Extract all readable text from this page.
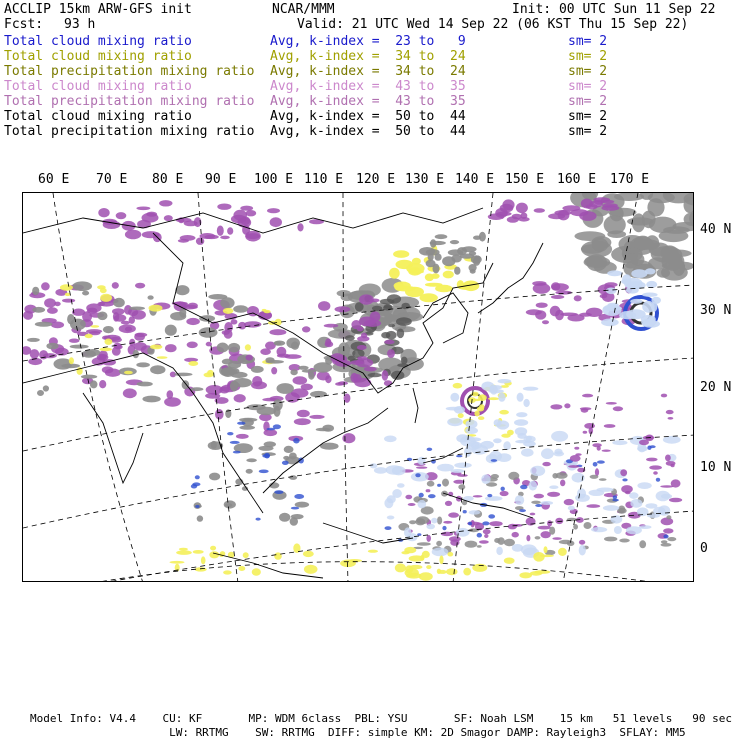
ACCLIP 15km ARW-GFS init	NCAR/MMM	Init: 00 UTC Sun 11 Sep 22
Fcst: 93 h	Valid: 21 UTC Wed 14 Sep 22 (06 KST Thu 15 Sep 22)
Total cloud mixing ratio	Avg, k-index =  23 to   9	sm= 2
Total cloud mixing ratio	Avg, k-index =  34 to  24	sm= 2
Total precipitation mixing ratio Avg, k-index =  34 to  24	sm= 2
Total cloud mixing ratio	Avg, k-index =  43 to  35	sm= 2
Total precipitation mixing ratio Avg, k-index =  43 to  35	sm= 2
Total cloud mixing ratio	Avg, k-index =  50 to  44	sm= 2
Total precipitation mixing ratio Avg, k-index =  50 to  44	sm= 2
60 E 70 E 80 E 90 E 100 E 110 E 120 E 130 E 140 E 150 E 160 E 170 E
40 N
30 N
20 N
10 N
0
Model Info: V4.4    CU: KF       MP: WDM 6class  PBL: YSU       SF: Noah LSM    15 km   51 levels   90 sec
LW: RRTMG    SW: RRTMG  DIFF: simple KM: 2D Smagor DAMP: Rayleigh3  SFLAY: MM5
